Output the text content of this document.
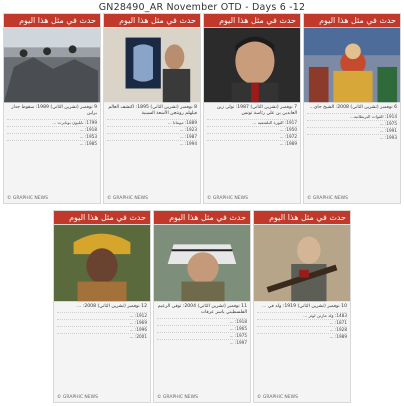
GN28490_AR November OTD - Days 6 -12
حدث في مثل هذا اليوم
6 نوفمبر (تشرين الثاني) 2008: الشيخ جاي...
1914: القوات البريطانية...
1975: ...
1991: ...
1993: ...
© GRAPHIC NEWS
حدث في مثل هذا اليوم
7 نوفمبر (تشرين الثاني) 1987: تولى زين العابدين بن علي رئاسة تونس
1917: الثورة البلشفية ...
1950: ...
1972: ...
1989: ...
© GRAPHIC NEWS
حدث في مثل هذا اليوم
8 نوفمبر (تشرين الثاني) 1895: اكتشف العالم فيلهلم رونتجن الأشعة السينية
1889: مونتانا ...
1923: ...
1987: ...
1994: ...
© GRAPHIC NEWS
حدث في مثل هذا اليوم
9 نوفمبر (تشرين الثاني) 1989: سقوط جدار برلين
1799: نابليون بونابرت ...
1918: ...
1953: ...
1985: ...
© GRAPHIC NEWS
حدث في مثل هذا اليوم
10 نوفمبر (تشرين الثاني) 1919: ولد في ...
1483: ولد مارتن لوثر ...
1871: ...
1928: ...
1989: ...
© GRAPHIC NEWS
حدث في مثل هذا اليوم
11 نوفمبر (تشرين الثاني) 2004: توفي الزعيم الفلسطيني ياسر عرفات
1918: ...
1965: ...
1975: ...
1997: ...
© GRAPHIC NEWS
حدث في مثل هذا اليوم
12 نوفمبر (تشرين الثاني) 2008: ...
1912: ...
1969: ...
1996: ...
2001: ...
© GRAPHIC NEWS
